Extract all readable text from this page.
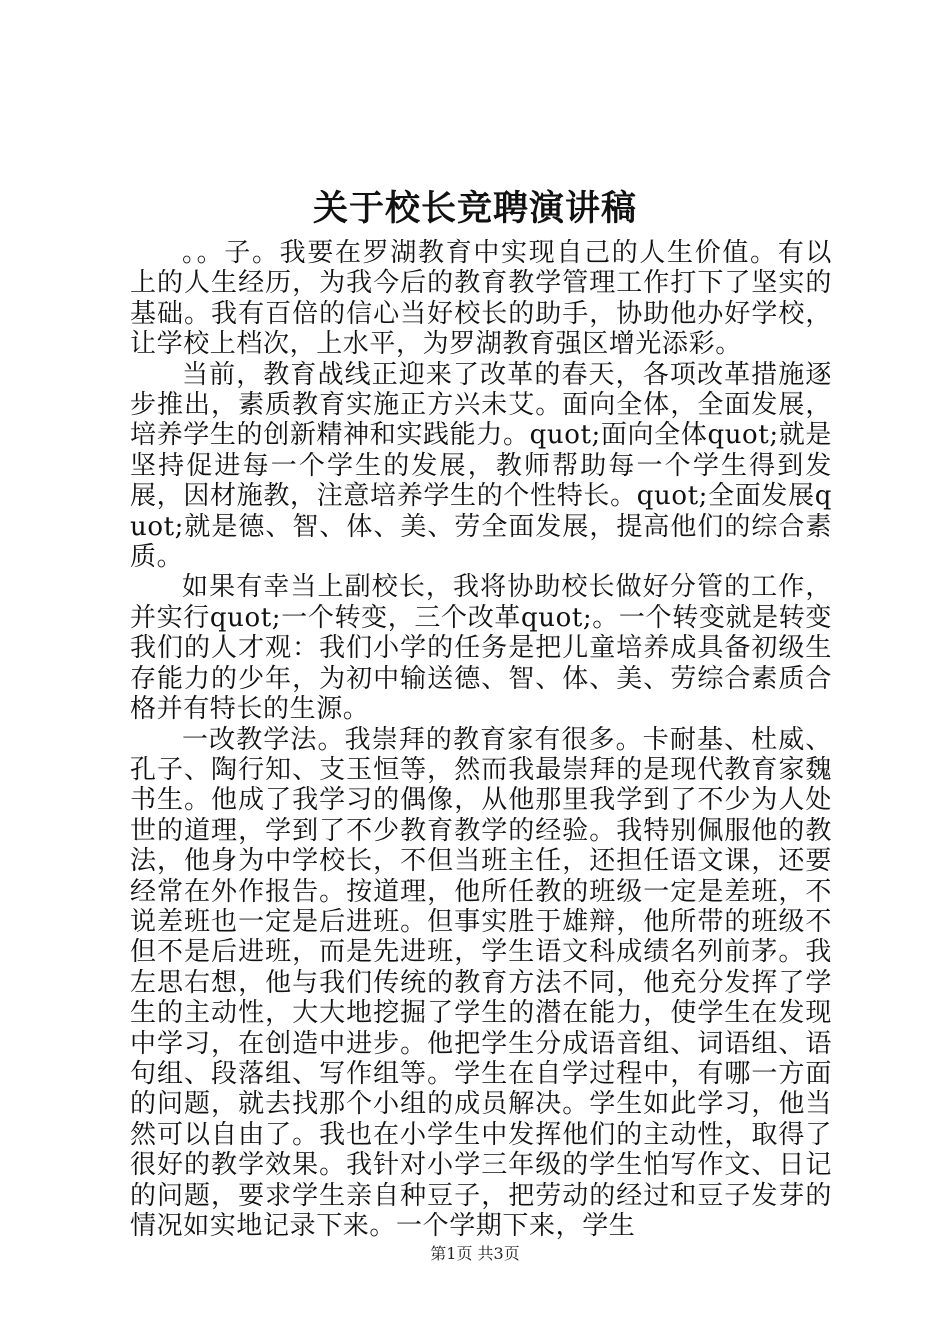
关于校长竞聘演讲稿

。。子。我要在罗湖教育中实现自己的人生价值。有以上的人生经历，为我今后的教育教学管理工作打下了坚实的基础。我有百倍的信心当好校长的助手，协助他办好学校，让学校上档次，上水平，为罗湖教育强区增光添彩。

当前，教育战线正迎来了改革的春天，各项改革措施逐步推出，素质教育实施正方兴未艾。面向全体，全面发展，培养学生的创新精神和实践能力。quot;面向全体quot;就是坚持促进每一个学生的发展，教师帮助每一个学生得到发展，因材施教，注意培养学生的个性特长。quot;全面发展quot;就是德、智、体、美、劳全面发展，提高他们的综合素质。

如果有幸当上副校长，我将协助校长做好分管的工作，并实行quot;一个转变，三个改革quot;。一个转变就是转变我们的人才观：我们小学的任务是把儿童培养成具备初级生存能力的少年，为初中输送德、智、体、美、劳综合素质合格并有特长的生源。

一改教学法。我崇拜的教育家有很多。卡耐基、杜威、孔子、陶行知、支玉恒等，然而我最崇拜的是现代教育家魏书生。他成了我学习的偶像，从他那里我学到了不少为人处世的道理，学到了不少教育教学的经验。我特别佩服他的教法，他身为中学校长，不但当班主任，还担任语文课，还要经常在外作报告。按道理，他所任教的班级一定是差班，不说差班也一定是后进班。但事实胜于雄辩，他所带的班级不但不是后进班，而是先进班，学生语文科成绩名列前茅。我左思右想，他与我们传统的教育方法不同，他充分发挥了学生的主动性，大大地挖掘了学生的潜在能力，使学生在发现中学习，在创造中进步。他把学生分成语音组、词语组、语句组、段落组、写作组等。学生在自学过程中，有哪一方面的问题，就去找那个小组的成员解决。学生如此学习，他当然可以自由了。我也在小学生中发挥他们的主动性，取得了很好的教学效果。我针对小学三年级的学生怕写作文、日记的问题，要求学生亲自种豆子，把劳动的经过和豆子发芽的情况如实地记录下来。一个学期下来，学生

第1页 共3页
